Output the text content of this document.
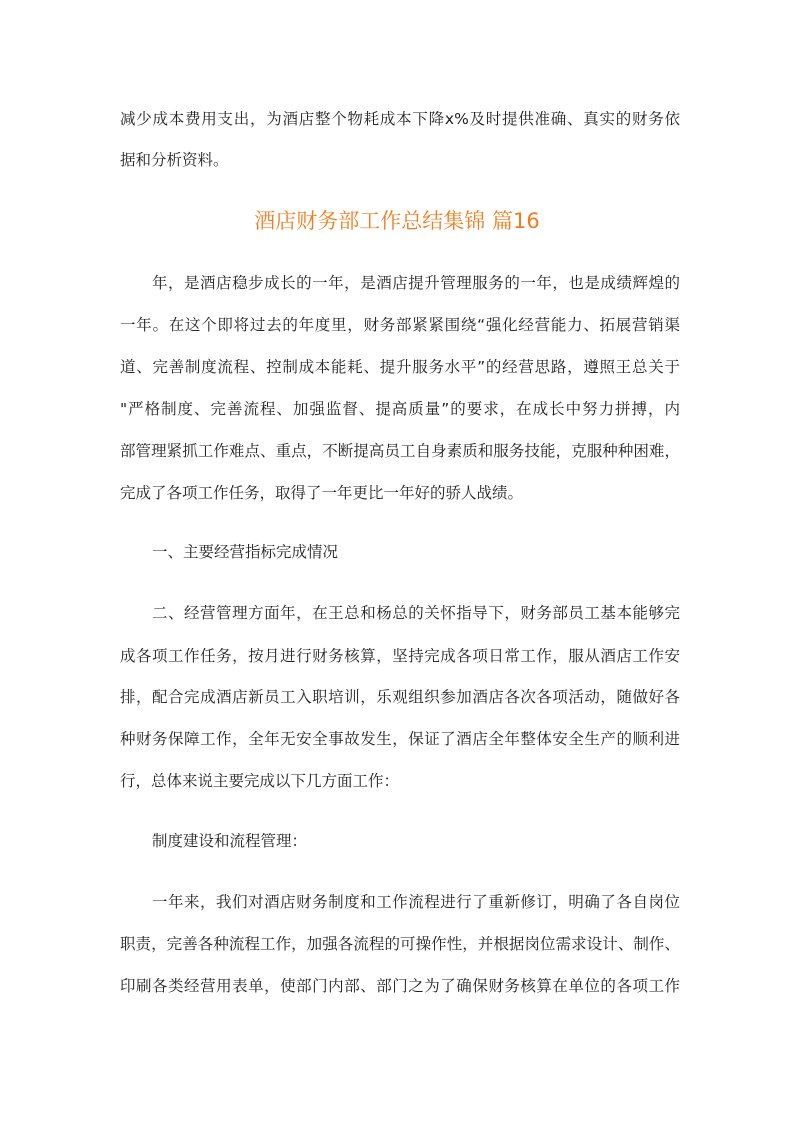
减少成本费用支出，为酒店整个物耗成本下降x%及时提供准确、真实的财务依
据和分析资料。
酒店财务部工作总结集锦 篇16
年，是酒店稳步成长的一年，是酒店提升管理服务的一年，也是成绩辉煌的
一年。在这个即将过去的年度里，财务部紧紧围绕“强化经营能力、拓展营销渠
道、完善制度流程、控制成本能耗、提升服务水平”的经营思路，遵照王总关于
"严格制度、完善流程、加强监督、提高质量”的要求，在成长中努力拼搏，内
部管理紧抓工作难点、重点，不断提高员工自身素质和服务技能，克服种种困难，
完成了各项工作任务，取得了一年更比一年好的骄人战绩。
一、主要经营指标完成情况
二、经营管理方面年，在王总和杨总的关怀指导下，财务部员工基本能够完
成各项工作任务，按月进行财务核算，坚持完成各项日常工作，服从酒店工作安
排，配合完成酒店新员工入职培训，乐观组织参加酒店各次各项活动，随做好各
种财务保障工作，全年无安全事故发生，保证了酒店全年整体安全生产的顺利进
行，总体来说主要完成以下几方面工作：
制度建设和流程管理：
一年来，我们对酒店财务制度和工作流程进行了重新修订，明确了各自岗位
职责，完善各种流程工作，加强各流程的可操作性，并根据岗位需求设计、制作、
印刷各类经营用表单，使部门内部、部门之为了确保财务核算在单位的各项工作
